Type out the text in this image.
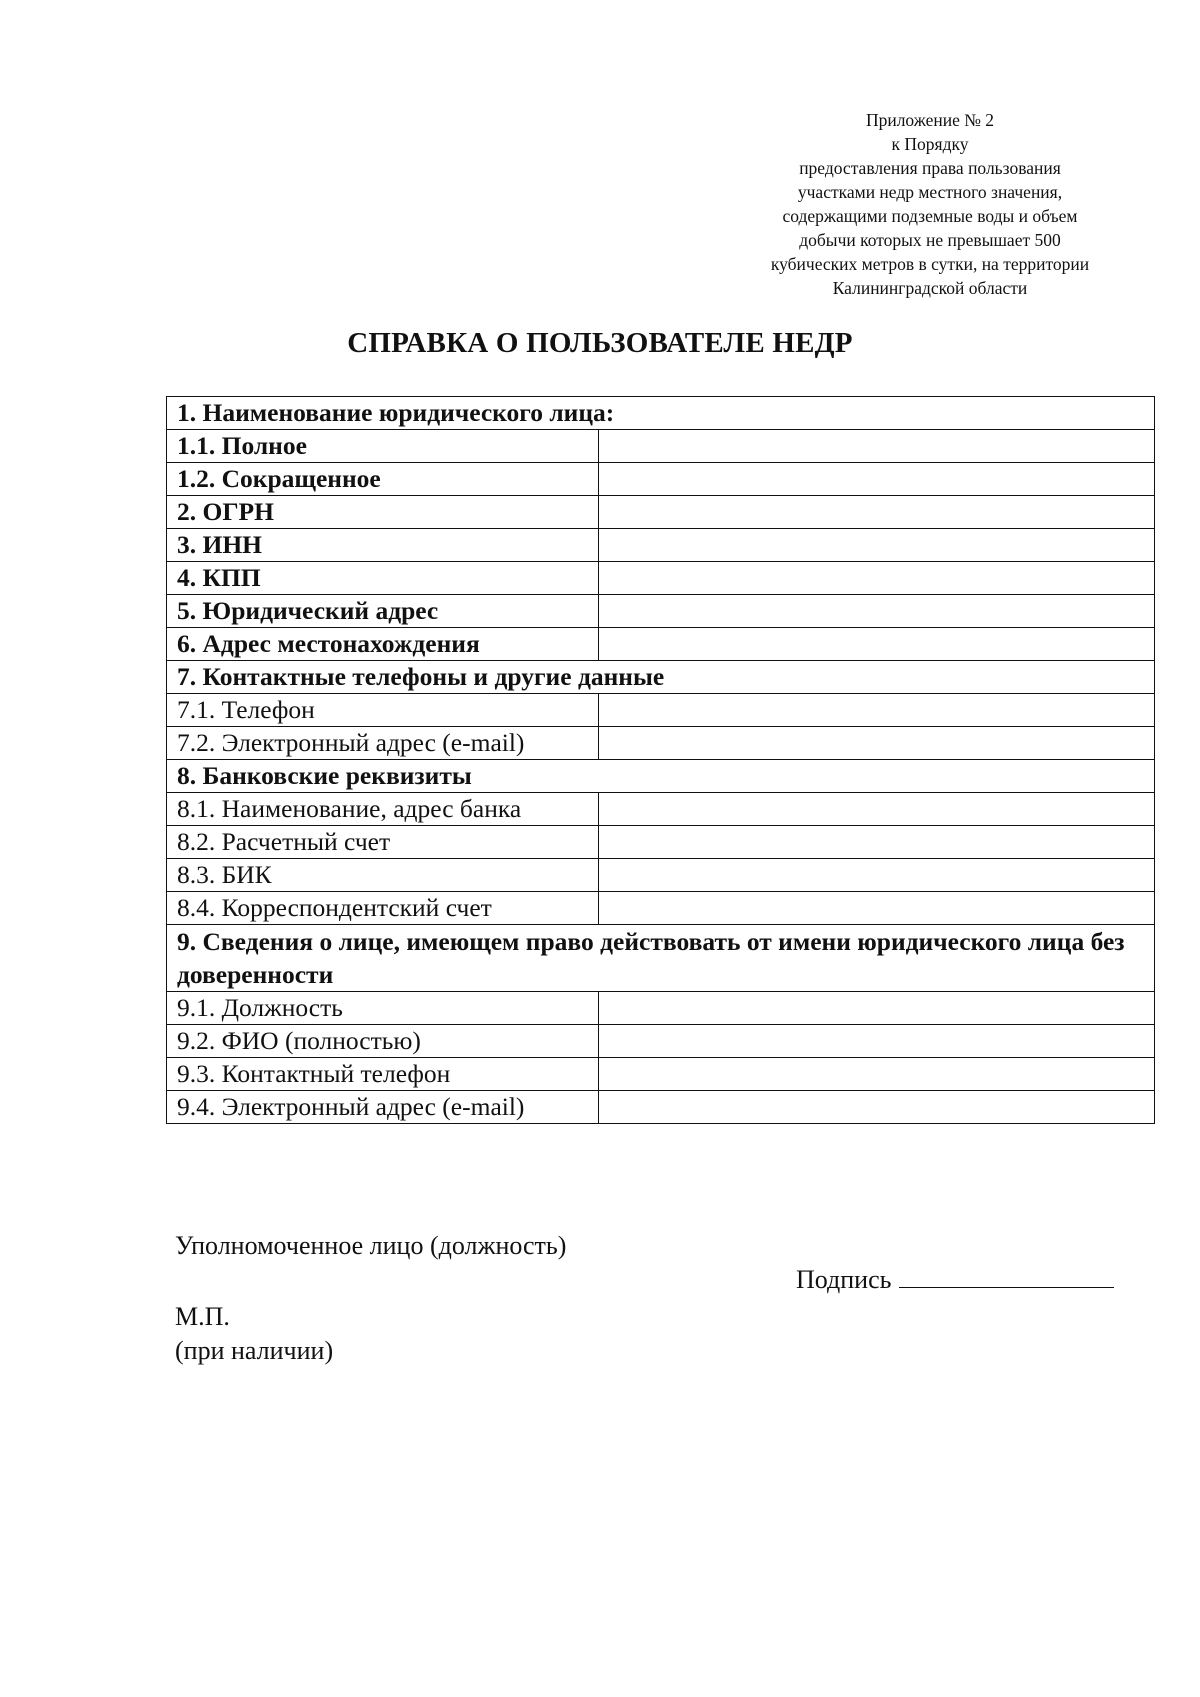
Приложение № 2
к Порядку
предоставления права пользования
участками недр местного значения,
содержащими подземные воды и объем
добычи которых не превышает 500
кубических метров в сутки, на территории
Калининградской области
СПРАВКА О ПОЛЬЗОВАТЕЛЕ НЕДР
1. Наименование юридического лица:	
1.1. Полное	
1.2. Сокращенное	
2. ОГРН	
3. ИНН	
4. КПП	
5. Юридический адрес	
6. Адрес местонахождения	
7. Контактные телефоны и другие данные	
7.1. Телефон	
7.2. Электронный адрес (e-mail)	
8. Банковские реквизиты	
8.1. Наименование, адрес банка	
8.2. Расчетный счет	
8.3. БИК	
8.4. Корреспондентский счет	
9. Сведения о лице, имеющем право действовать от имени юридического лица без доверенности	
9.1. Должность	
9.2. ФИО (полностью)	
9.3. Контактный телефон	
9.4. Электронный адрес (e-mail)	
Уполномоченное лицо (должность)
Подпись
М.П.
(при наличии)
